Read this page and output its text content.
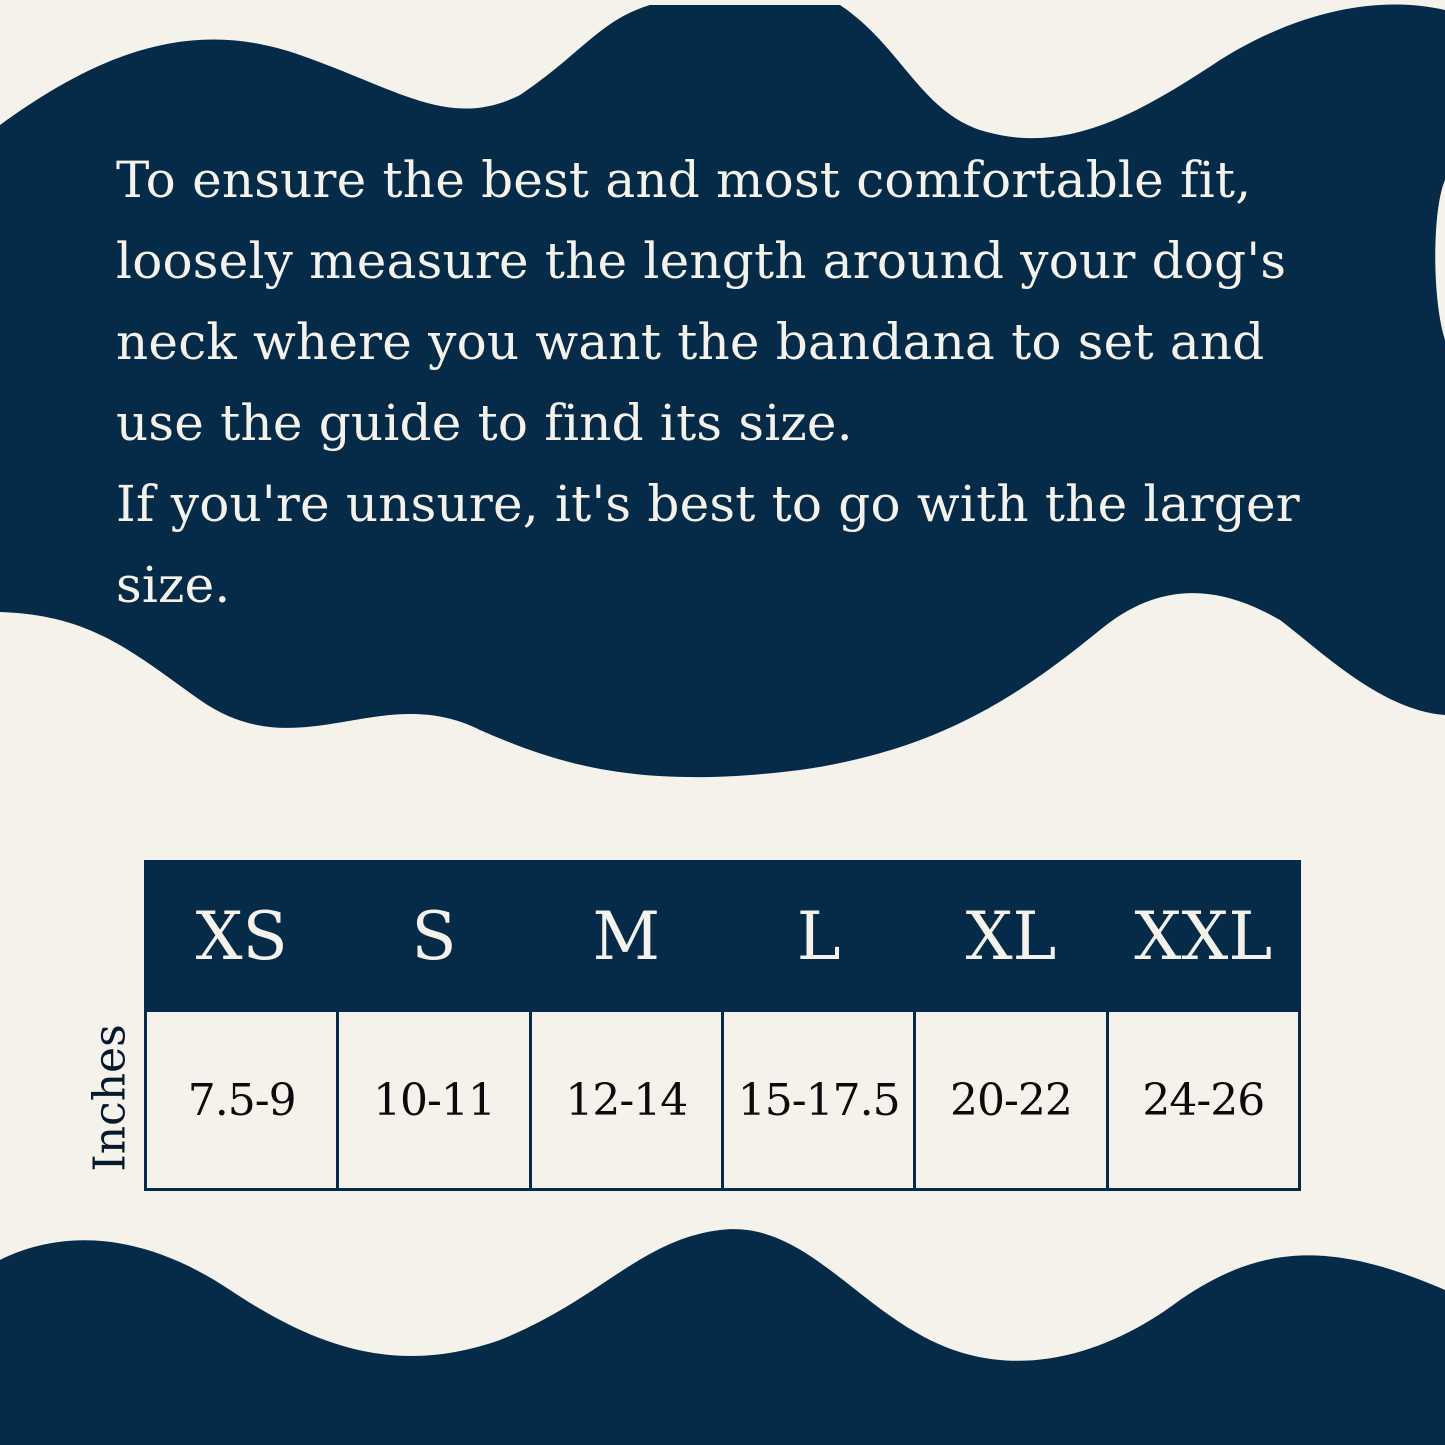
To ensure the best and most comfortable fit,

loosely measure the length around your dog's

neck where you want the bandana to set and

use the guide to find its size.

If you're unsure, it's best to go with the larger

size.

Inches
XS	S	M	L	XL	XXL
7.5-9	10-11	12-14	15-17.5	20-22	24-26
